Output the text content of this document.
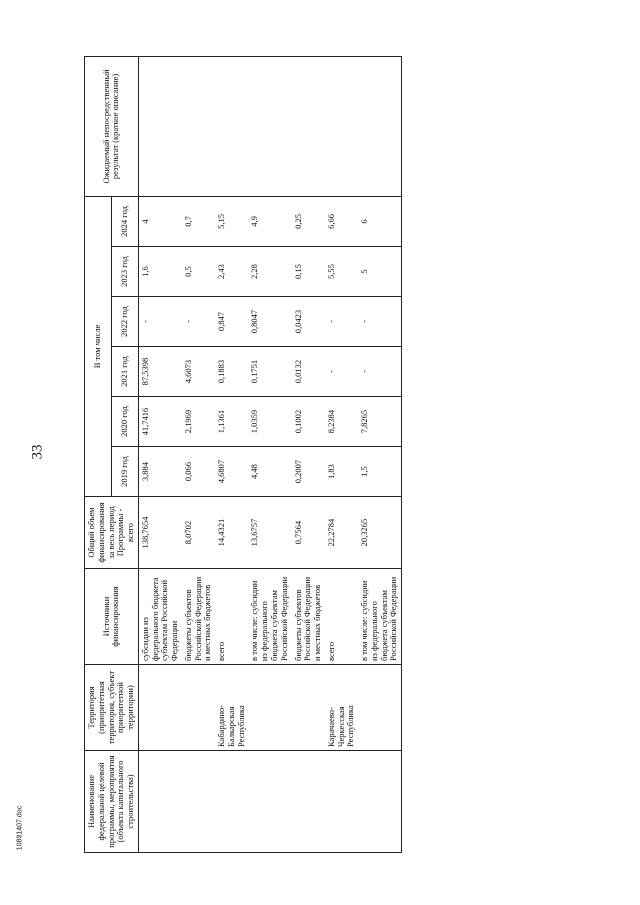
33
10891407.doc
Наименование федеральной целевой программы, мероприятия (объекта капитального строительства)	Территория (приоритетная территория, субъект приоритетной территории)	Источники финансирования	Общий объем финансирования за весь период Программы - всего	В том числе						Ожидаемый непосредственный результат (краткое описание)
				2019 год	2020 год	2021 год	2022 год	2023 год	2024 год	
		субсидии из федерального бюджета субъектам Российской Федерации	138,7654	3,884	41,7416	87,5398	-	1,6	4	
		бюджеты субъектов Российской Федерации и местных бюджетов	8,0702	0,066	2,1969	4,6073	-	0,5	0,7	
	Кабардино-Балкарская Республика	всего	14,4321	4,6807	1,1361	0,1883	0,847	2,43	5,15	
		в том числе: субсидии из федерального бюджета субъектам Российской Федерации	13,6757	4,48	1,0359	0,1751	0,8047	2,28	4,9	
		бюджеты субъектов Российской Федерации и местных бюджетов	0,7564	0,2007	0,1002	0,0132	0,0423	0,15	0,25	
	Карачаево-Черкесская Республика	всего	22,2784	1,83	8,2384	-	-	5,55	6,66	
		в том числе: субсидии из федерального бюджета субъектам Российской Федерации	20,3265	1,5	7,8265	-	-	5	6	
